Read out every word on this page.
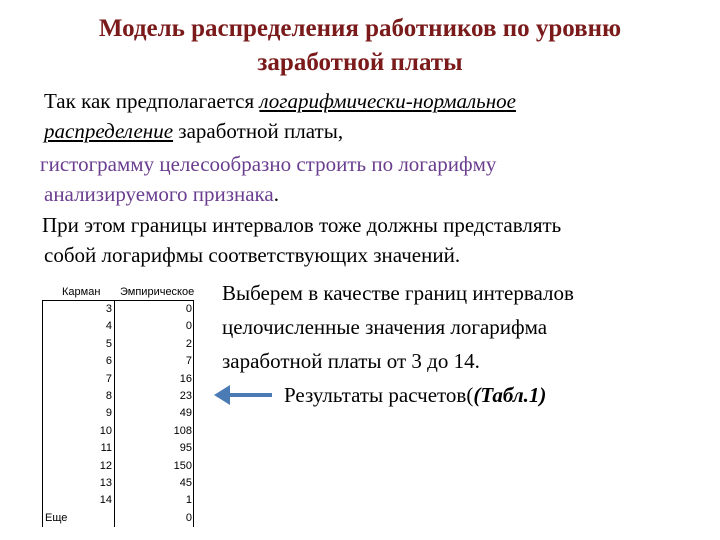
Модель распределения работников по уровню
заработной платы
Так как предполагается логарифмически-нормальное
распределение заработной платы,
гистограмму целесообразно строить по логарифму
анализируемого признака.
При этом границы интервалов тоже должны представлять
собой логарифмы соответствующих значений.
Выберем в качестве границ интервалов
целочисленные значения логарифма
заработной платы от 3 до 14.
Результаты расчетов((Табл.1)
Карман Эмпирическое
3	0
4	0
5	2
6	7
7	16
8	23
9	49
10	108
11	95
12	150
13	45
14	1
Еще	0
